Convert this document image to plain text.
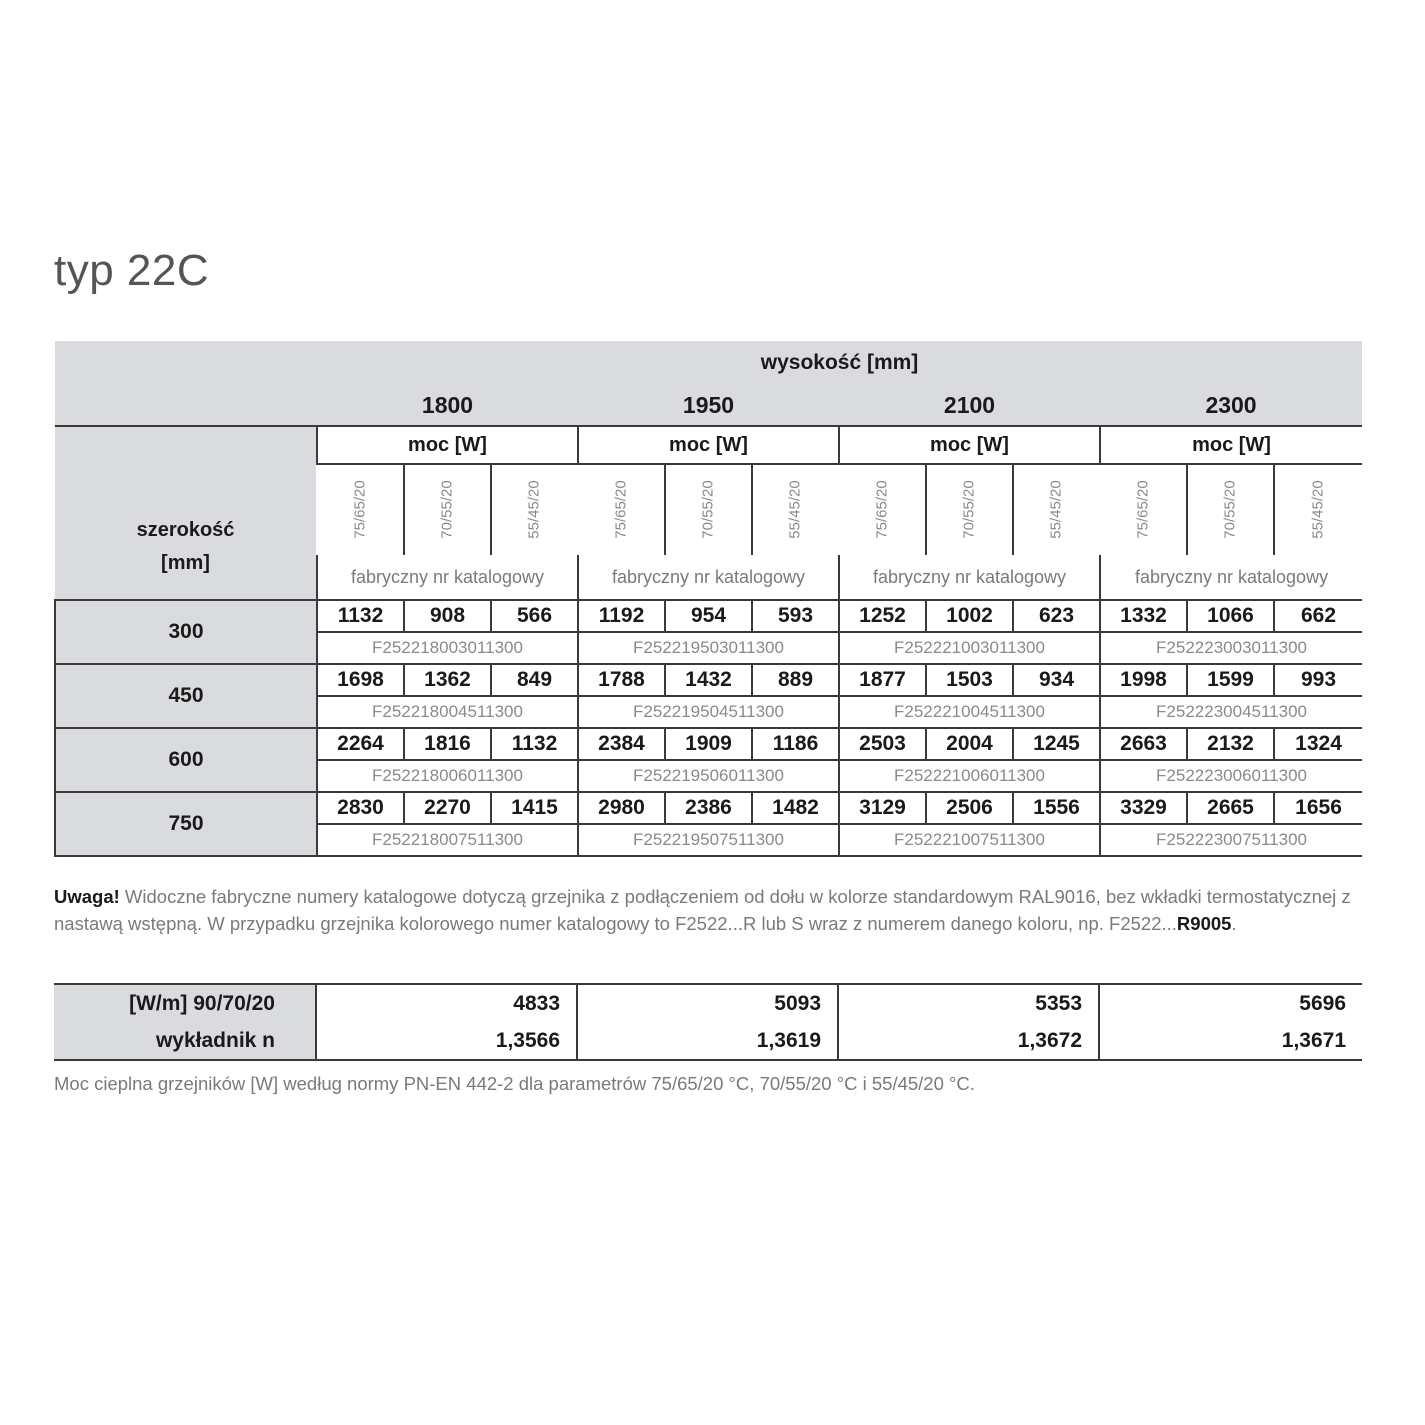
typ 22C
	wysokość [mm]											
	1800			1950			2100			2300		

szerokość
[mm]	moc [W]			moc [W]			moc [W]			moc [W]		
	75/65/20	70/55/20	55/45/20	75/65/20	70/55/20	55/45/20	75/65/20	70/55/20	55/45/20	75/65/20	70/55/20	55/45/20
	fabryczny nr katalogowy			fabryczny nr katalogowy			fabryczny nr katalogowy			fabryczny nr katalogowy		
300	1132	908	566	1192	954	593	1252	1002	623	1332	1066	662
	F252218003011300			F252219503011300			F252221003011300			F252223003011300		
450	1698	1362	849	1788	1432	889	1877	1503	934	1998	1599	993
	F252218004511300			F252219504511300			F252221004511300			F252223004511300		
600	2264	1816	1132	2384	1909	1186	2503	2004	1245	2663	2132	1324
	F252218006011300			F252219506011300			F252221006011300			F252223006011300		
750	2830	2270	1415	2980	2386	1482	3129	2506	1556	3329	2665	1656
	F252218007511300			F252219507511300			F252221007511300			F252223007511300		

Uwaga! Widoczne fabryczne numery katalogowe dotyczą grzejnika z podłączeniem od dołu w kolorze standardowym RAL9016, bez wkładki termostatycznej z nastawą wstępną. W przypadku grzejnika kolorowego numer katalogowy to F2522...R lub S wraz z numerem danego koloru, np. F2522...R9005.

[W/m] 90/70/20	4833	5093	5353	5696
wykładnik n	1,3566	1,3619	1,3672	1,3671

Moc cieplna grzejników [W] według normy PN-EN 442-2 dla parametrów 75/65/20 °C, 70/55/20 °C i 55/45/20 °C.
